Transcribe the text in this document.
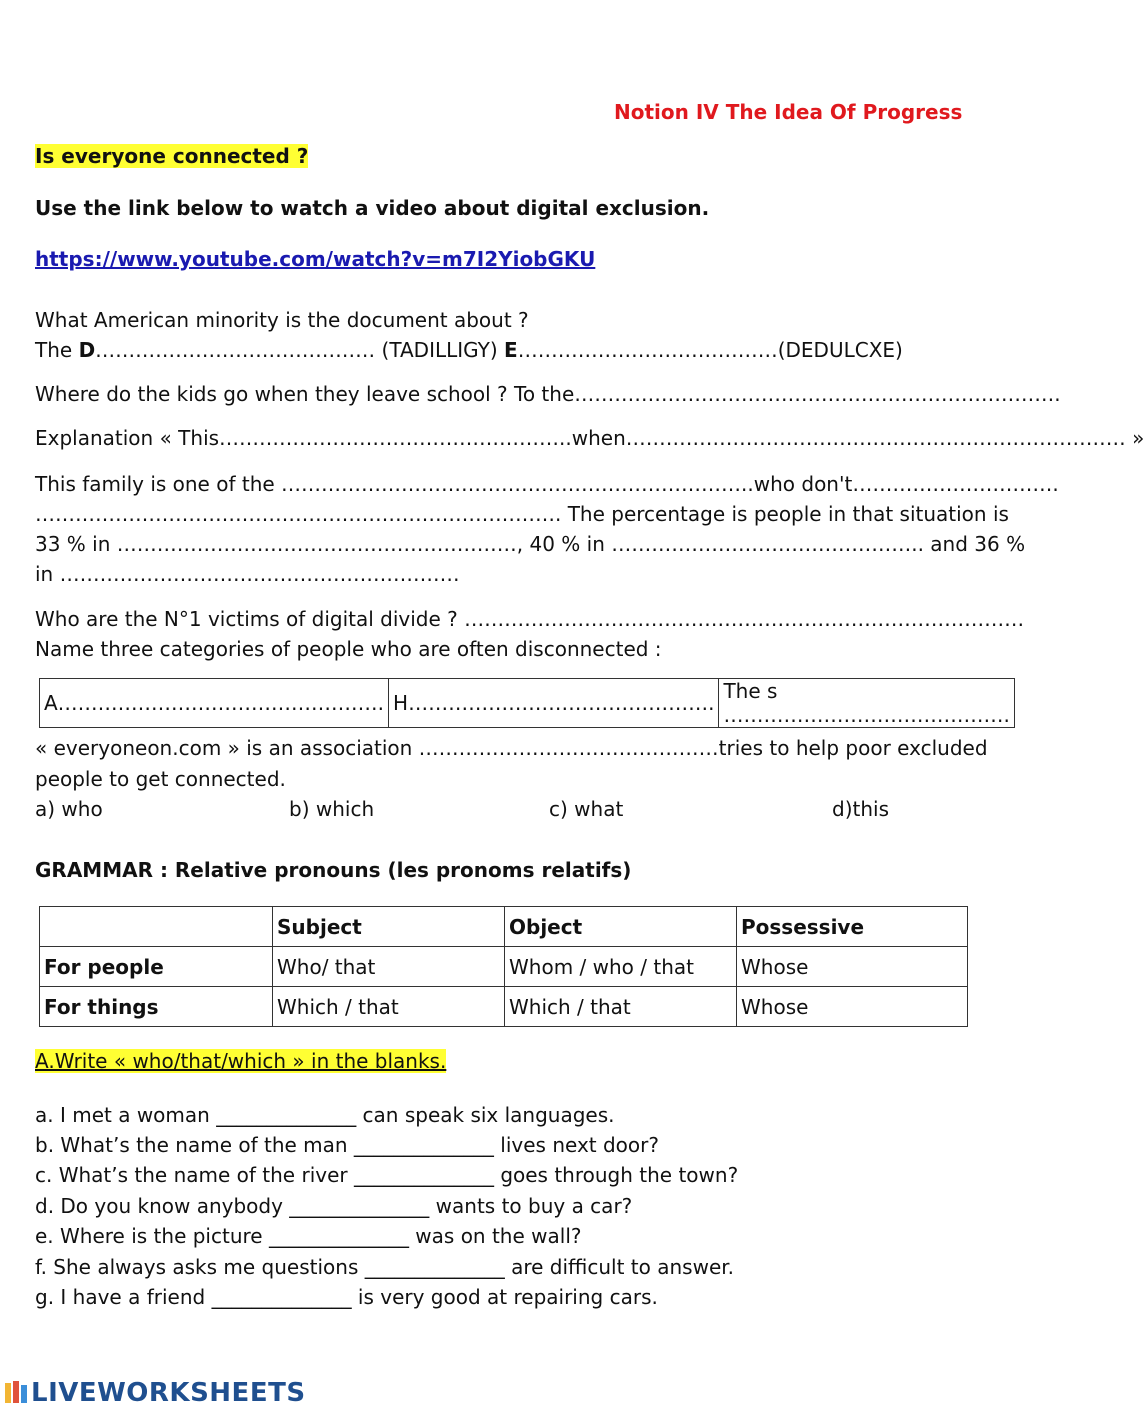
Notion IV The Idea Of Progress
Is everyone connected ?
Use the link below to watch a video about digital exclusion.
https://www.youtube.com/watch?v=m7I2YiobGKU
What American minority is the document about ?
The D…………………………………… (TADILLIGY) E…………………………………(DEDULCXE)
Where do the kids go when they leave school ? To the……………………………………………………………….
Explanation « This……………………………………………..when………………………………………………………………… »
This family is one of the ……………………………………………………………..who don't………………………….
……………………………………………………………………. The percentage is people in that situation is
33 % in ……………………………………………………, 40 % in ……………………………………….. and 36 %
in ……………………………………………………
Who are the N°1 victims of digital divide ? …………………………………………………………………………
Name three categories of people who are often disconnected :
A………………………………………….	H……………………………………….	The s …………………………………….
« everyoneon.com » is an association ………………………………………tries to help poor excluded
people to get connected.
a) who	b) which	c) what	d)this
GRAMMAR : Relative pronouns (les pronoms relatifs)
	Subject	Object	Possessive
For people	Who/ that	Whom / who / that	Whose
For things	Which / that	Which / that	Whose
A.Write « who/that/which » in the blanks.
a. I met a woman ______________ can speak six languages.
b. What’s the name of the man ______________ lives next door?
c. What’s the name of the river ______________ goes through the town?
d. Do you know anybody ______________ wants to buy a car?
e. Where is the picture ______________ was on the wall?
f. She always asks me questions ______________ are difficult to answer.
g. I have a friend ______________ is very good at repairing cars.
LIVEWORKSHEETS
